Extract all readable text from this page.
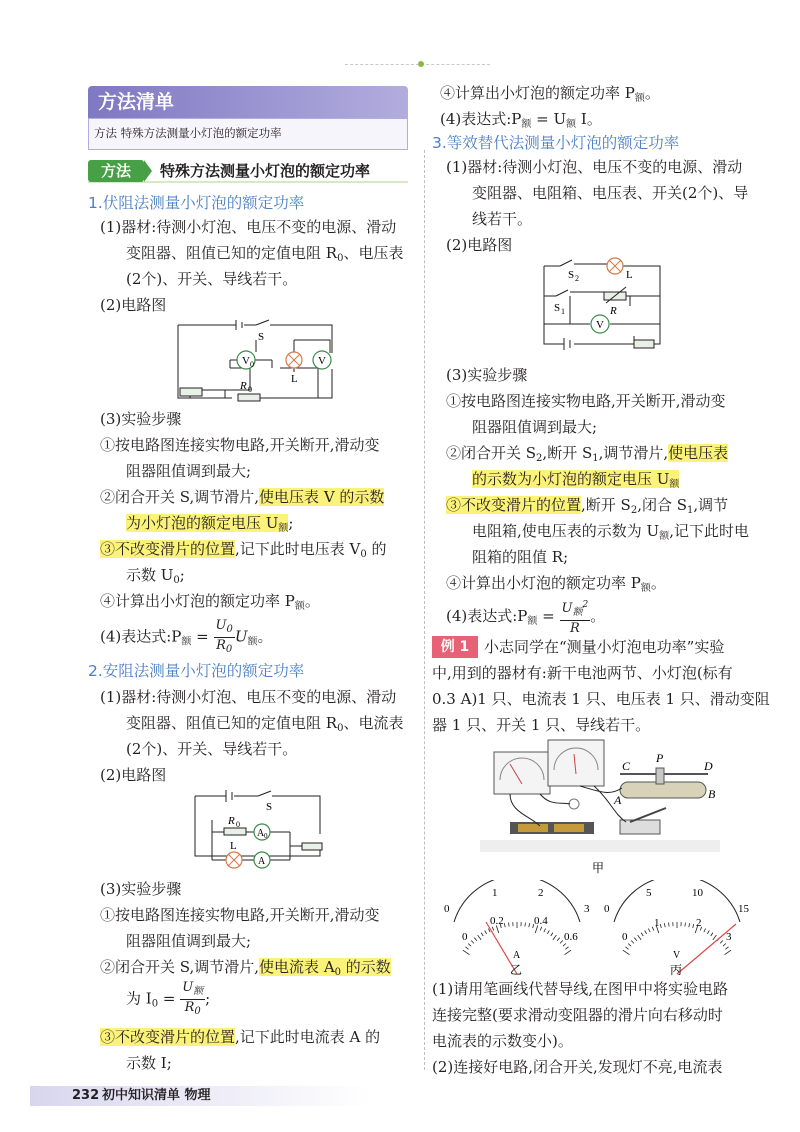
方法清单
方法 特殊方法测量小灯泡的额定功率
方法	特殊方法测量小灯泡的额定功率
1.伏阻法测量小灯泡的额定功率
(1)器材:待测小灯泡、电压不变的电源、滑动
变阻器、阻值已知的定值电阻 $R_0$、电压表
(2个)、开关、导线若干。
(2)电路图
S
V 0	V
R 0
L
(3)实验步骤
①按电路图连接实物电路,开关断开,滑动变
阻器阻值调到最大;
②闭合开关 S,调节滑片,使电压表 V 的示数
为小灯泡的额定电压 $U_额$;
③不改变滑片的位置,记下此时电压表 $V_0$ 的
示数 $U_0$;
④计算出小灯泡的额定功率 $P_额$。
(4)表达式$:P_额 = \frac{U_0}{R_0} U_额$。
2.安阻法测量小灯泡的额定功率
(1)器材:待测小灯泡、电压不变的电源、滑动
变阻器、阻值已知的定值电阻 $R_0$、电流表
(2个)、开关、导线若干。
(2)电路图
S
R 0
A 0
A
L
(3)实验步骤
①按电路图连接实物电路,开关断开,滑动变
阻器阻值调到最大;
②闭合开关 S,调节滑片,使电流表 $A_0$ 的示数
为 $I_0 = \frac{U_额}{R_0}$ ;
③不改变滑片的位置,记下此时电流表 A 的
示数 I;
232 初中知识清单 物理
④计算出小灯泡的额定功率 $P_额$。
(4)表达式$:P_额 = U_额$ I。
3.等效替代法测量小灯泡的额定功率
(1)器材:待测小灯泡、电压不变的电源、滑动
变阻器、电阻箱、电压表、开关(2个)、导
线若干。
(2)电路图
S 2
S 1
L
R
V
(3)实验步骤
①按电路图连接实物电路,开关断开,滑动变
阻器阻值调到最大;
②闭合开关 $S_2$,断开 $S_1$,调节滑片,使电压表
的示数为小灯泡的额定电压 $U_额$
③不改变滑片的位置,断开 $S_2$,闭合 $S_1$,调节
电阻箱,使电压表的示数为 $U_额$,记下此时电
阻箱的阻值 R;
④计算出小灯泡的额定功率 $P_额$。
(4)表达式$:P_额 = \frac{U_额^2}{R}$ 。
例 1 小志同学在“测量小灯泡电功率”实验
中,用到的器材有:新干电池两节、小灯泡(标有
0.3 A)1 只、电流表 1 只、电压表 1 只、滑动变阻
器 1 只、开关 1 只、导线若干。
C
P
D
A	B
甲
0
1	2
3
0
0.2	0.4
0.6
A
乙
0
5	10
15
0
1	2
3
V
丙
(1)请用笔画线代替导线,在图甲中将实验电路
连接完整(要求滑动变阻器的滑片向右移动时
电流表的示数变小)。
(2)连接好电路,闭合开关,发现灯不亮,电流表
